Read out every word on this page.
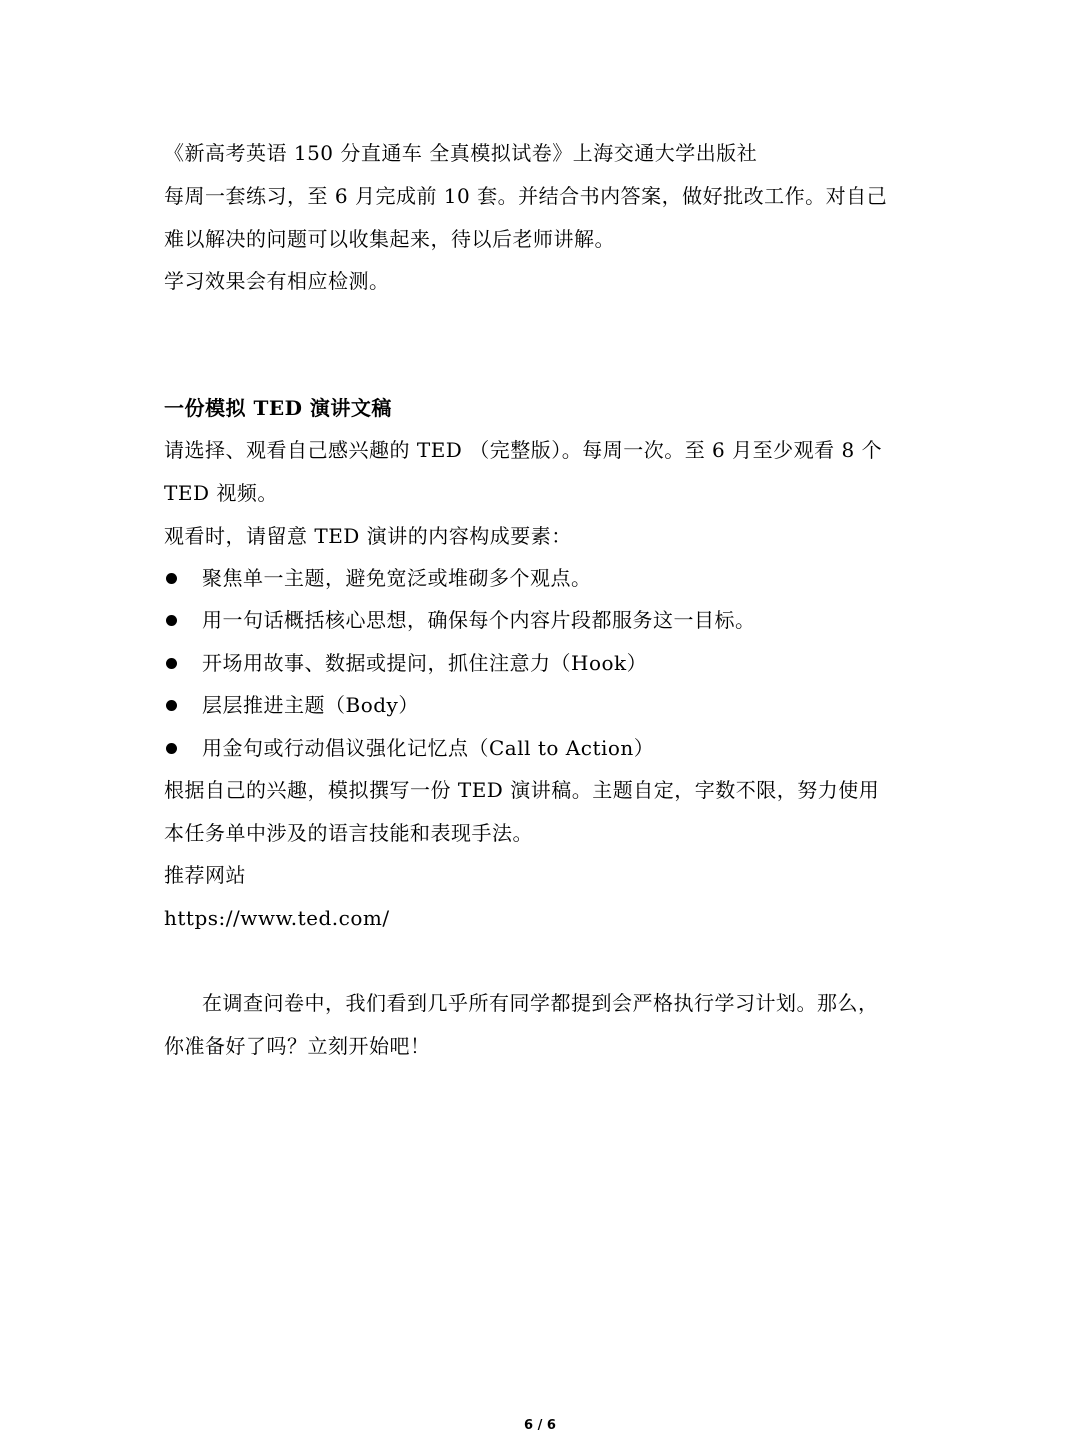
《新高考英语 150 分直通车 全真模拟试卷》上海交通大学出版社
每周一套练习，至 6 月完成前 10 套。并结合书内答案，做好批改工作。对自己
难以解决的问题可以收集起来，待以后老师讲解。
学习效果会有相应检测。
一份模拟 TED 演讲文稿
请选择、观看自己感兴趣的 TED （完整版）。每周一次。至 6 月至少观看 8 个
TED 视频。
观看时，请留意 TED 演讲的内容构成要素：
聚焦单一主题，避免宽泛或堆砌多个观点。
用一句话概括核心思想，确保每个内容片段都服务这一目标。
开场用故事、数据或提问，抓住注意力（Hook）
层层推进主题（Body）
用金句或行动倡议强化记忆点（Call to Action）
根据自己的兴趣，模拟撰写一份 TED 演讲稿。主题自定，字数不限，努力使用
本任务单中涉及的语言技能和表现手法。
推荐网站
https://www.ted.com/
在调查问卷中，我们看到几乎所有同学都提到会严格执行学习计划。那么，
你准备好了吗？立刻开始吧！
6 / 6
